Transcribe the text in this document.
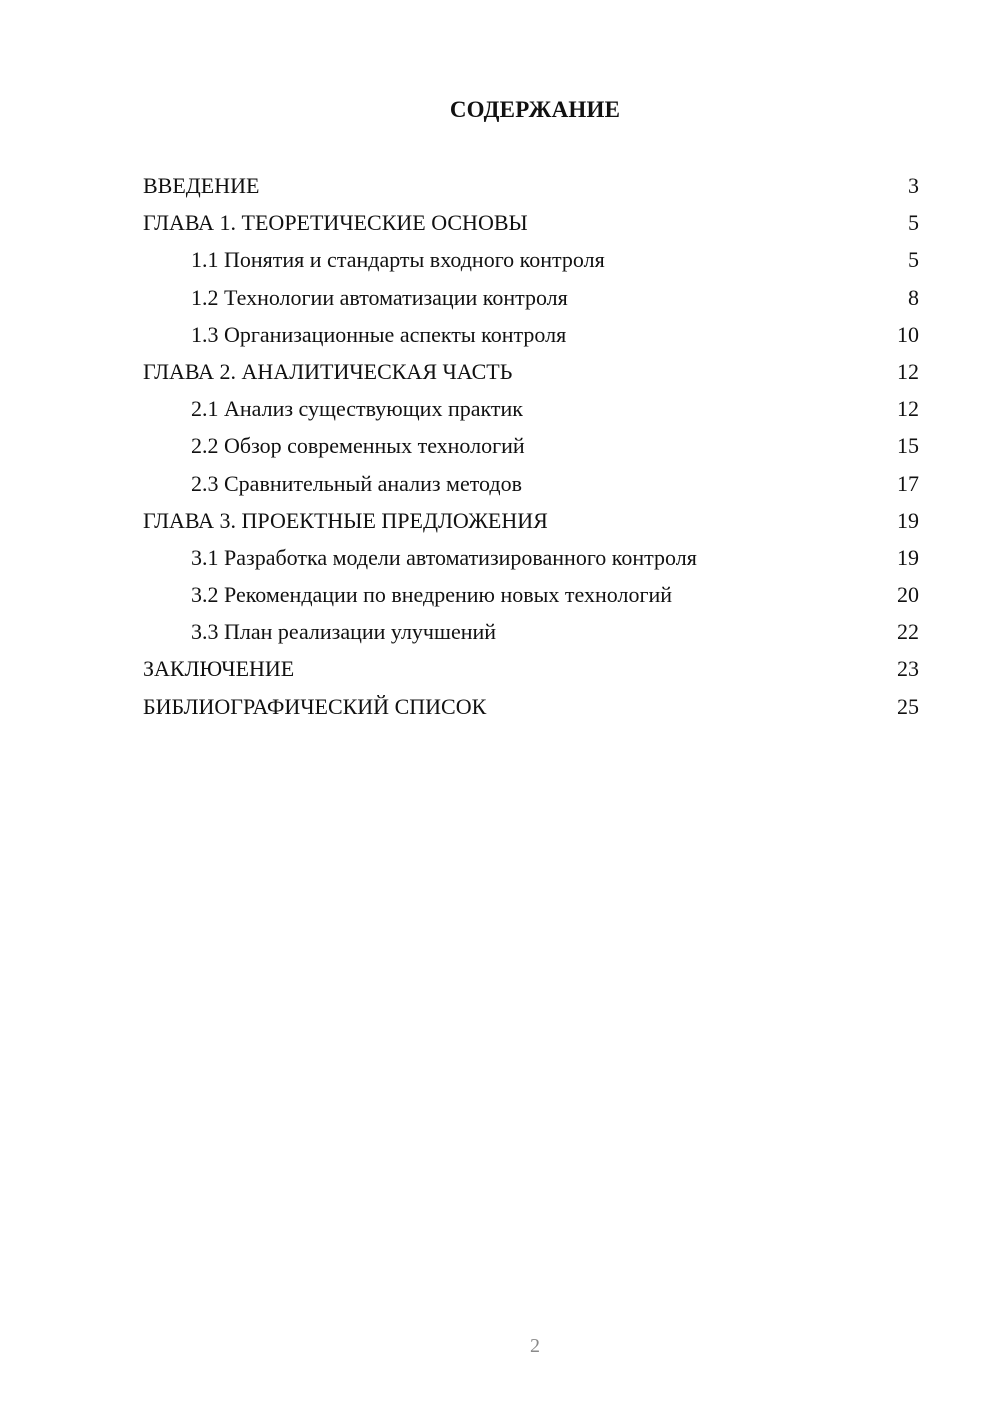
СОДЕРЖАНИЕ
ВВЕДЕНИЕ	3
ГЛАВА 1. ТЕОРЕТИЧЕСКИЕ ОСНОВЫ	5
1.1 Понятия и стандарты входного контроля	5
1.2 Технологии автоматизации контроля	8
1.3 Организационные аспекты контроля	10
ГЛАВА 2. АНАЛИТИЧЕСКАЯ ЧАСТЬ	12
2.1 Анализ существующих практик	12
2.2 Обзор современных технологий	15
2.3 Сравнительный анализ методов	17
ГЛАВА 3. ПРОЕКТНЫЕ ПРЕДЛОЖЕНИЯ	19
3.1 Разработка модели автоматизированного контроля	19
3.2 Рекомендации по внедрению новых технологий	20
3.3 План реализации улучшений	22
ЗАКЛЮЧЕНИЕ	23
БИБЛИОГРАФИЧЕСКИЙ СПИСОК	25
2
